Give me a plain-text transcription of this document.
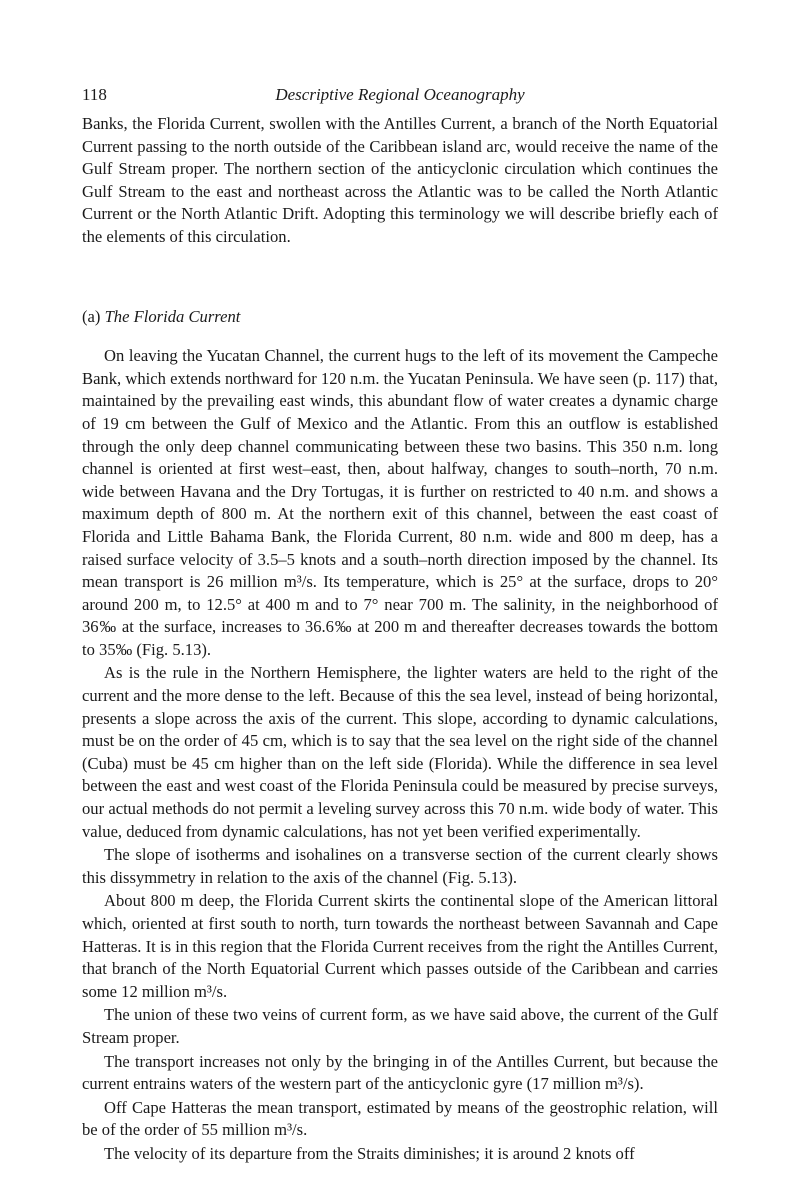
118	Descriptive Regional Oceanography

Banks, the Florida Current, swollen with the Antilles Current, a branch of the North Equatorial Current passing to the north outside of the Caribbean island arc, would receive the name of the Gulf Stream proper. The northern section of the anticyclonic circulation which continues the Gulf Stream to the east and northeast across the Atlantic was to be called the North Atlantic Current or the North Atlantic Drift. Adopting this terminology we will describe briefly each of the elements of this circulation.

(a) The Florida Current

On leaving the Yucatan Channel, the current hugs to the left of its movement the Campeche Bank, which extends northward for 120 n.m. the Yucatan Peninsula. We have seen (p. 117) that, maintained by the prevailing east winds, this abundant flow of water creates a dynamic charge of 19 cm between the Gulf of Mexico and the Atlantic. From this an outflow is established through the only deep channel communicating between these two basins. This 350 n.m. long channel is oriented at first west–east, then, about halfway, changes to south–north, 70 n.m. wide between Havana and the Dry Tortugas, it is further on restricted to 40 n.m. and shows a maximum depth of 800 m. At the northern exit of this channel, between the east coast of Florida and Little Bahama Bank, the Florida Current, 80 n.m. wide and 800 m deep, has a raised surface velocity of 3.5–5 knots and a south–north direction imposed by the channel. Its mean transport is 26 million m³/s. Its temperature, which is 25° at the surface, drops to 20° around 200 m, to 12.5° at 400 m and to 7° near 700 m. The salinity, in the neighborhood of 36‰ at the surface, increases to 36.6‰ at 200 m and thereafter decreases towards the bottom to 35‰ (Fig. 5.13).

As is the rule in the Northern Hemisphere, the lighter waters are held to the right of the current and the more dense to the left. Because of this the sea level, instead of being horizontal, presents a slope across the axis of the current. This slope, according to dynamic calculations, must be on the order of 45 cm, which is to say that the sea level on the right side of the channel (Cuba) must be 45 cm higher than on the left side (Florida). While the difference in sea level between the east and west coast of the Florida Peninsula could be measured by precise surveys, our actual methods do not permit a leveling survey across this 70 n.m. wide body of water. This value, deduced from dynamic calculations, has not yet been verified experimentally.

The slope of isotherms and isohalines on a transverse section of the current clearly shows this dissymmetry in relation to the axis of the channel (Fig. 5.13).

About 800 m deep, the Florida Current skirts the continental slope of the American littoral which, oriented at first south to north, turn towards the northeast between Savannah and Cape Hatteras. It is in this region that the Florida Current receives from the right the Antilles Current, that branch of the North Equatorial Current which passes outside of the Caribbean and carries some 12 million m³/s.

The union of these two veins of current form, as we have said above, the current of the Gulf Stream proper.

The transport increases not only by the bringing in of the Antilles Current, but because the current entrains waters of the western part of the anticyclonic gyre (17 million m³/s).

Off Cape Hatteras the mean transport, estimated by means of the geostrophic relation, will be of the order of 55 million m³/s.

The velocity of its departure from the Straits diminishes; it is around 2 knots off
